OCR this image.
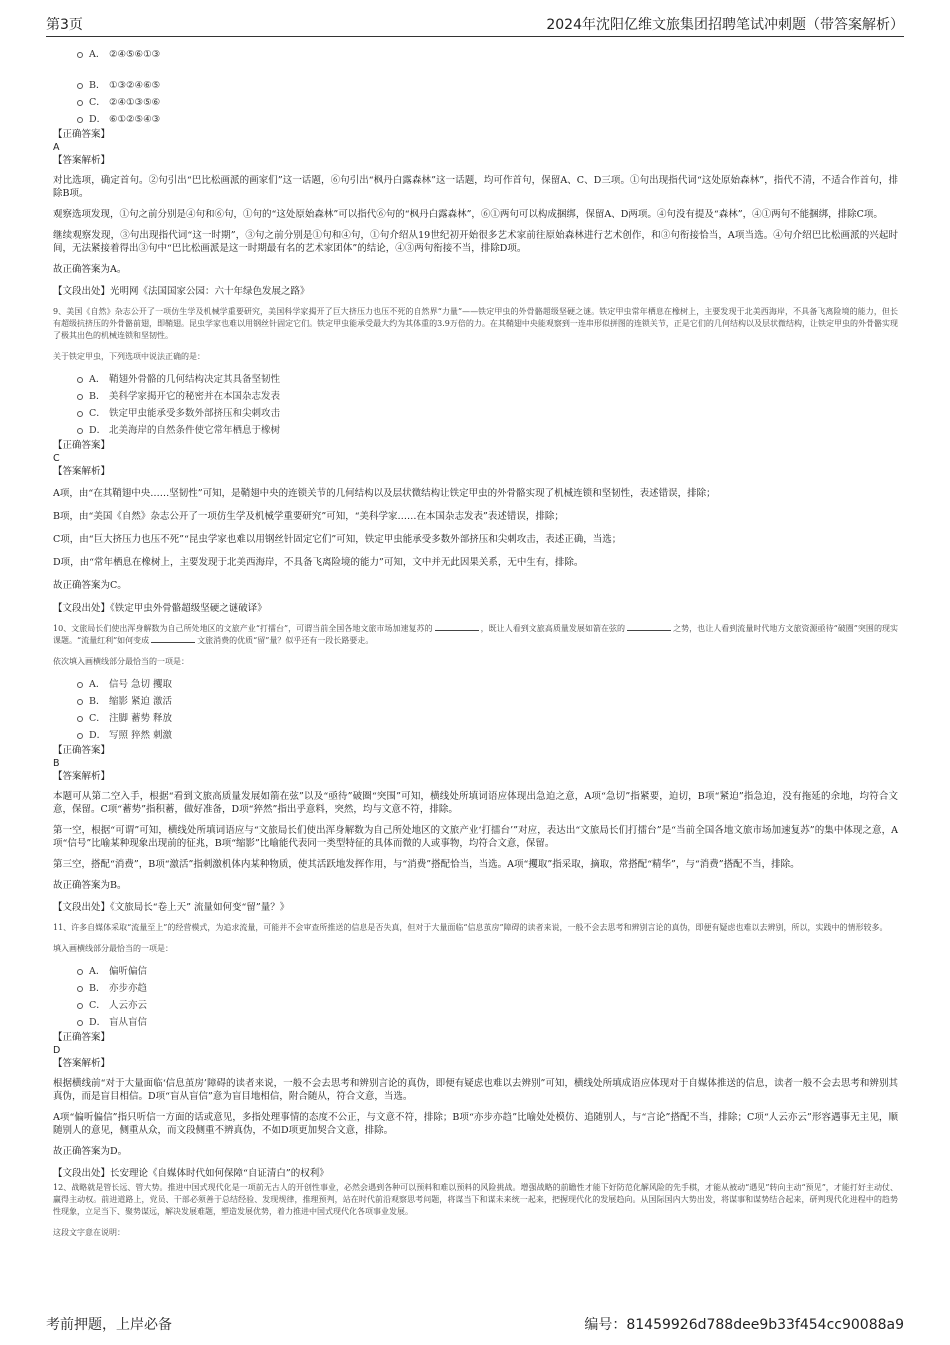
第3页	2024年沈阳亿维文旅集团招聘笔试冲刺题（带答案解析）
A． ②④⑤⑥①③
B． ①③②④⑥⑤
C． ②④①③⑤⑥
D． ⑥①②⑤④③
【正确答案】
A
【答案解析】

对比选项，确定首句。②句引出“巴比松画派的画家们”这一话题，⑥句引出“枫丹白露森林”这一话题，均可作首句，保留A、C、D三项。①句出现指代词“这处原始森林”，指代不清，不适合作首句，排除B项。

观察选项发现，①句之前分别是④句和⑥句，①句的“这处原始森林”可以指代⑥句的“枫丹白露森林”，⑥①两句可以构成捆绑，保留A、D两项。④句没有提及“森林”，④①两句不能捆绑，排除C项。

继续观察发现，③句出现指代词“这一时期”，③句之前分别是①句和④句，①句介绍从19世纪初开始很多艺术家前往原始森林进行艺术创作，和③句衔接恰当，A项当选。④句介绍巴比松画派的兴起时间，无法紧接着得出③句中“巴比松画派是这一时期最有名的艺术家团体”的结论，④③两句衔接不当，排除D项。

故正确答案为A。

【文段出处】光明网《法国国家公园：六十年绿色发展之路》

9、美国《自然》杂志公开了一项仿生学及机械学重要研究，美国科学家揭开了巨大挤压力也压不死的自然界“力量”——铁定甲虫的外骨骼超级坚硬之谜。铁定甲虫常年栖息在橡树上，主要发现于北美西海岸，不具备飞离险境的能力，但长有超级抗挤压的外骨骼前翅，即鞘翅。昆虫学家也难以用钢丝针固定它们。铁定甲虫能承受最大约为其体重的3.9万倍的力。在其鞘翅中央能观察到一连串形似拼图的连锁关节，正是它们的几何结构以及层状微结构，让铁定甲虫的外骨骼实现了极其出色的机械连锁和坚韧性。

关于铁定甲虫，下列选项中说法正确的是：

A． 鞘翅外骨骼的几何结构决定其具备坚韧性
B． 美科学家揭开它的秘密并在本国杂志发表
C． 铁定甲虫能承受多数外部挤压和尖刺攻击
D． 北美海岸的自然条件使它常年栖息于橡树
【正确答案】
C
【答案解析】

A项，由“在其鞘翅中央……坚韧性”可知，是鞘翅中央的连锁关节的几何结构以及层状微结构让铁定甲虫的外骨骼实现了机械连锁和坚韧性，表述错误，排除；

B项，由“美国《自然》杂志公开了一项仿生学及机械学重要研究”可知，“美科学家……在本国杂志发表”表述错误，排除；

C项，由“巨大挤压力也压不死”“昆虫学家也难以用钢丝针固定它们”可知，铁定甲虫能承受多数外部挤压和尖刺攻击，表述正确，当选；

D项，由“常年栖息在橡树上，主要发现于北美西海岸，不具备飞离险境的能力”可知，文中并无此因果关系，无中生有，排除。

故正确答案为C。

【文段出处】《铁定甲虫外骨骼超级坚硬之谜破译》

10、文旅局长们使出浑身解数为自己所处地区的文旅产业“打擂台”，可谓当前全国各地文旅市场加速复苏的	，既让人看到文旅高质量发展如箭在弦的	之势，也让人看到流量时代地方文旅资源亟待“破圈”突围的现实课题。“流量红利”如何变成	文旅消费的优质“留”量？似乎还有一段长路要走。

依次填入画横线部分最恰当的一项是：

A． 信号 急切 攫取
B． 缩影 紧迫 激活
C． 注脚 蓄势 释放
D． 写照 猝然 刺激
【正确答案】
B
【答案解析】

本题可从第二空入手，根据“看到文旅高质量发展如箭在弦”以及“亟待”破圈“突围”可知，横线处所填词语应体现出急迫之意，A项“急切”指紧要，迫切，B项“紧迫”指急迫，没有拖延的余地，均符合文意，保留。C项“蓄势”指积蓄，做好准备，D项“猝然”指出乎意料，突然，均与文意不符，排除。

第一空，根据“可谓”可知，横线处所填词语应与“文旅局长们使出浑身解数为自己所处地区的文旅产业‘打擂台’”对应，表达出“文旅局长们打擂台”是“当前全国各地文旅市场加速复苏”的集中体现之意，A项“信号”比喻某种现象出现前的征兆，B项“缩影”比喻能代表同一类型特征的具体而微的人或事物，均符合文意，保留。

第三空，搭配“消费”，B项“激活”指刺激机体内某种物质，使其活跃地发挥作用，与“消费”搭配恰当，当选。A项“攫取”指采取，摘取，常搭配“精华”，与“消费”搭配不当，排除。

故正确答案为B。

【文段出处】《文旅局长“卷上天” 流量如何变“留”量？》

11、许多自媒体采取“流量至上”的经营模式，为追求流量，可能并不会审查所推送的信息是否失真，但对于大量面临“信息茧房”障碍的读者来说，一般不会去思考和辨别言论的真伪，即便有疑虑也难以去辨别，所以，实践中的情形较多。

填入画横线部分最恰当的一项是：

A． 偏听偏信
B． 亦步亦趋
C． 人云亦云
D． 盲从盲信
【正确答案】
D
【答案解析】

根据横线前“对于大量面临‘信息茧房’障碍的读者来说，一般不会去思考和辨别言论的真伪，即便有疑虑也难以去辨别”可知，横线处所填成语应体现对于自媒体推送的信息，读者一般不会去思考和辨别其真伪，而是盲目相信。D项“盲从盲信”意为盲目地相信，附合随从，符合文意，当选。

A项“偏听偏信”指只听信一方面的话或意见，多指处理事情的态度不公正，与文意不符，排除；B项“亦步亦趋”比喻处处模仿、追随别人，与“言论”搭配不当，排除；C项“人云亦云”形容遇事无主见，顺随别人的意见，侧重从众，而文段侧重不辨真伪，不如D项更加契合文意，排除。

故正确答案为D。

【文段出处】长安理论《自媒体时代如何保障“自证清白”的权利》

12、战略就是管长远、管大势。推进中国式现代化是一项前无古人的开创性事业，必然会遇到各种可以预料和难以预料的风险挑战。增强战略的前瞻性才能下好防范化解风险的先手棋，才能从被动“遇见”转向主动“预见”，才能打好主动仗、赢得主动权。前进道路上，党员、干部必须善于总结经验、发现规律，推理预判，站在时代前沿观察思考问题，将谋当下和谋未来统一起来，把握现代化的发展趋向。从国际国内大势出发，将谋事和谋势结合起来，研判现代化进程中的趋势性现象，立足当下、聚势谋远，解决发展难题，塑造发展优势，着力推进中国式现代化各项事业发展。

这段文字意在说明：

考前押题，上岸必备	编号：81459926d788dee9b33f454cc90088a9
